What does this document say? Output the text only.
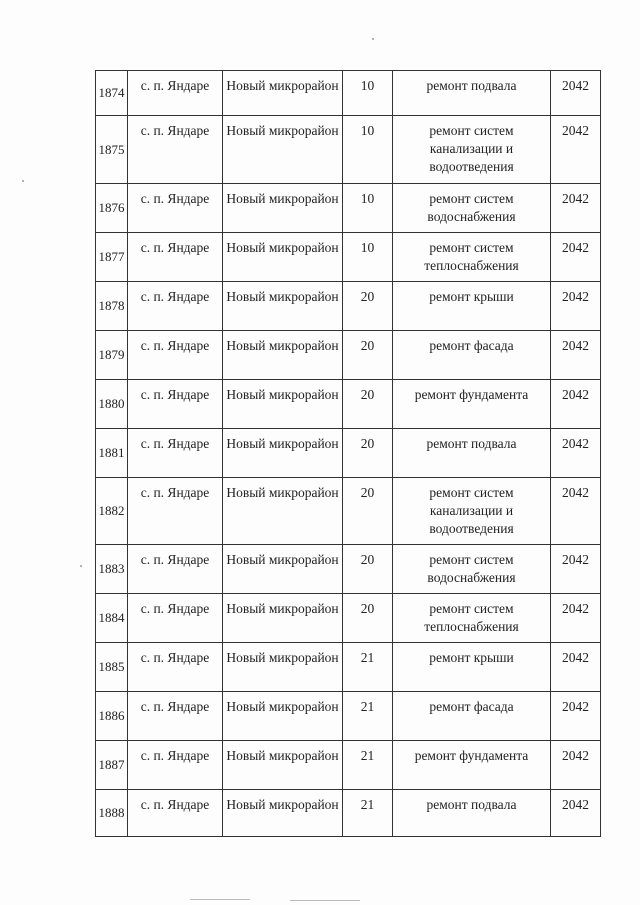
1874	с. п. Яндаре	Новый микрорайон	10	ремонт подвала	2042
1875	с. п. Яндаре	Новый микрорайон	10	ремонт систем канализации и водоотведения	2042
1876	с. п. Яндаре	Новый микрорайон	10	ремонт систем водоснабжения	2042
1877	с. п. Яндаре	Новый микрорайон	10	ремонт систем теплоснабжения	2042
1878	с. п. Яндаре	Новый микрорайон	20	ремонт крыши	2042
1879	с. п. Яндаре	Новый микрорайон	20	ремонт фасада	2042
1880	с. п. Яндаре	Новый микрорайон	20	ремонт фундамента	2042
1881	с. п. Яндаре	Новый микрорайон	20	ремонт подвала	2042
1882	с. п. Яндаре	Новый микрорайон	20	ремонт систем канализации и водоотведения	2042
1883	с. п. Яндаре	Новый микрорайон	20	ремонт систем водоснабжения	2042
1884	с. п. Яндаре	Новый микрорайон	20	ремонт систем теплоснабжения	2042
1885	с. п. Яндаре	Новый микрорайон	21	ремонт крыши	2042
1886	с. п. Яндаре	Новый микрорайон	21	ремонт фасада	2042
1887	с. п. Яндаре	Новый микрорайон	21	ремонт фундамента	2042
1888	с. п. Яндаре	Новый микрорайон	21	ремонт подвала	2042
